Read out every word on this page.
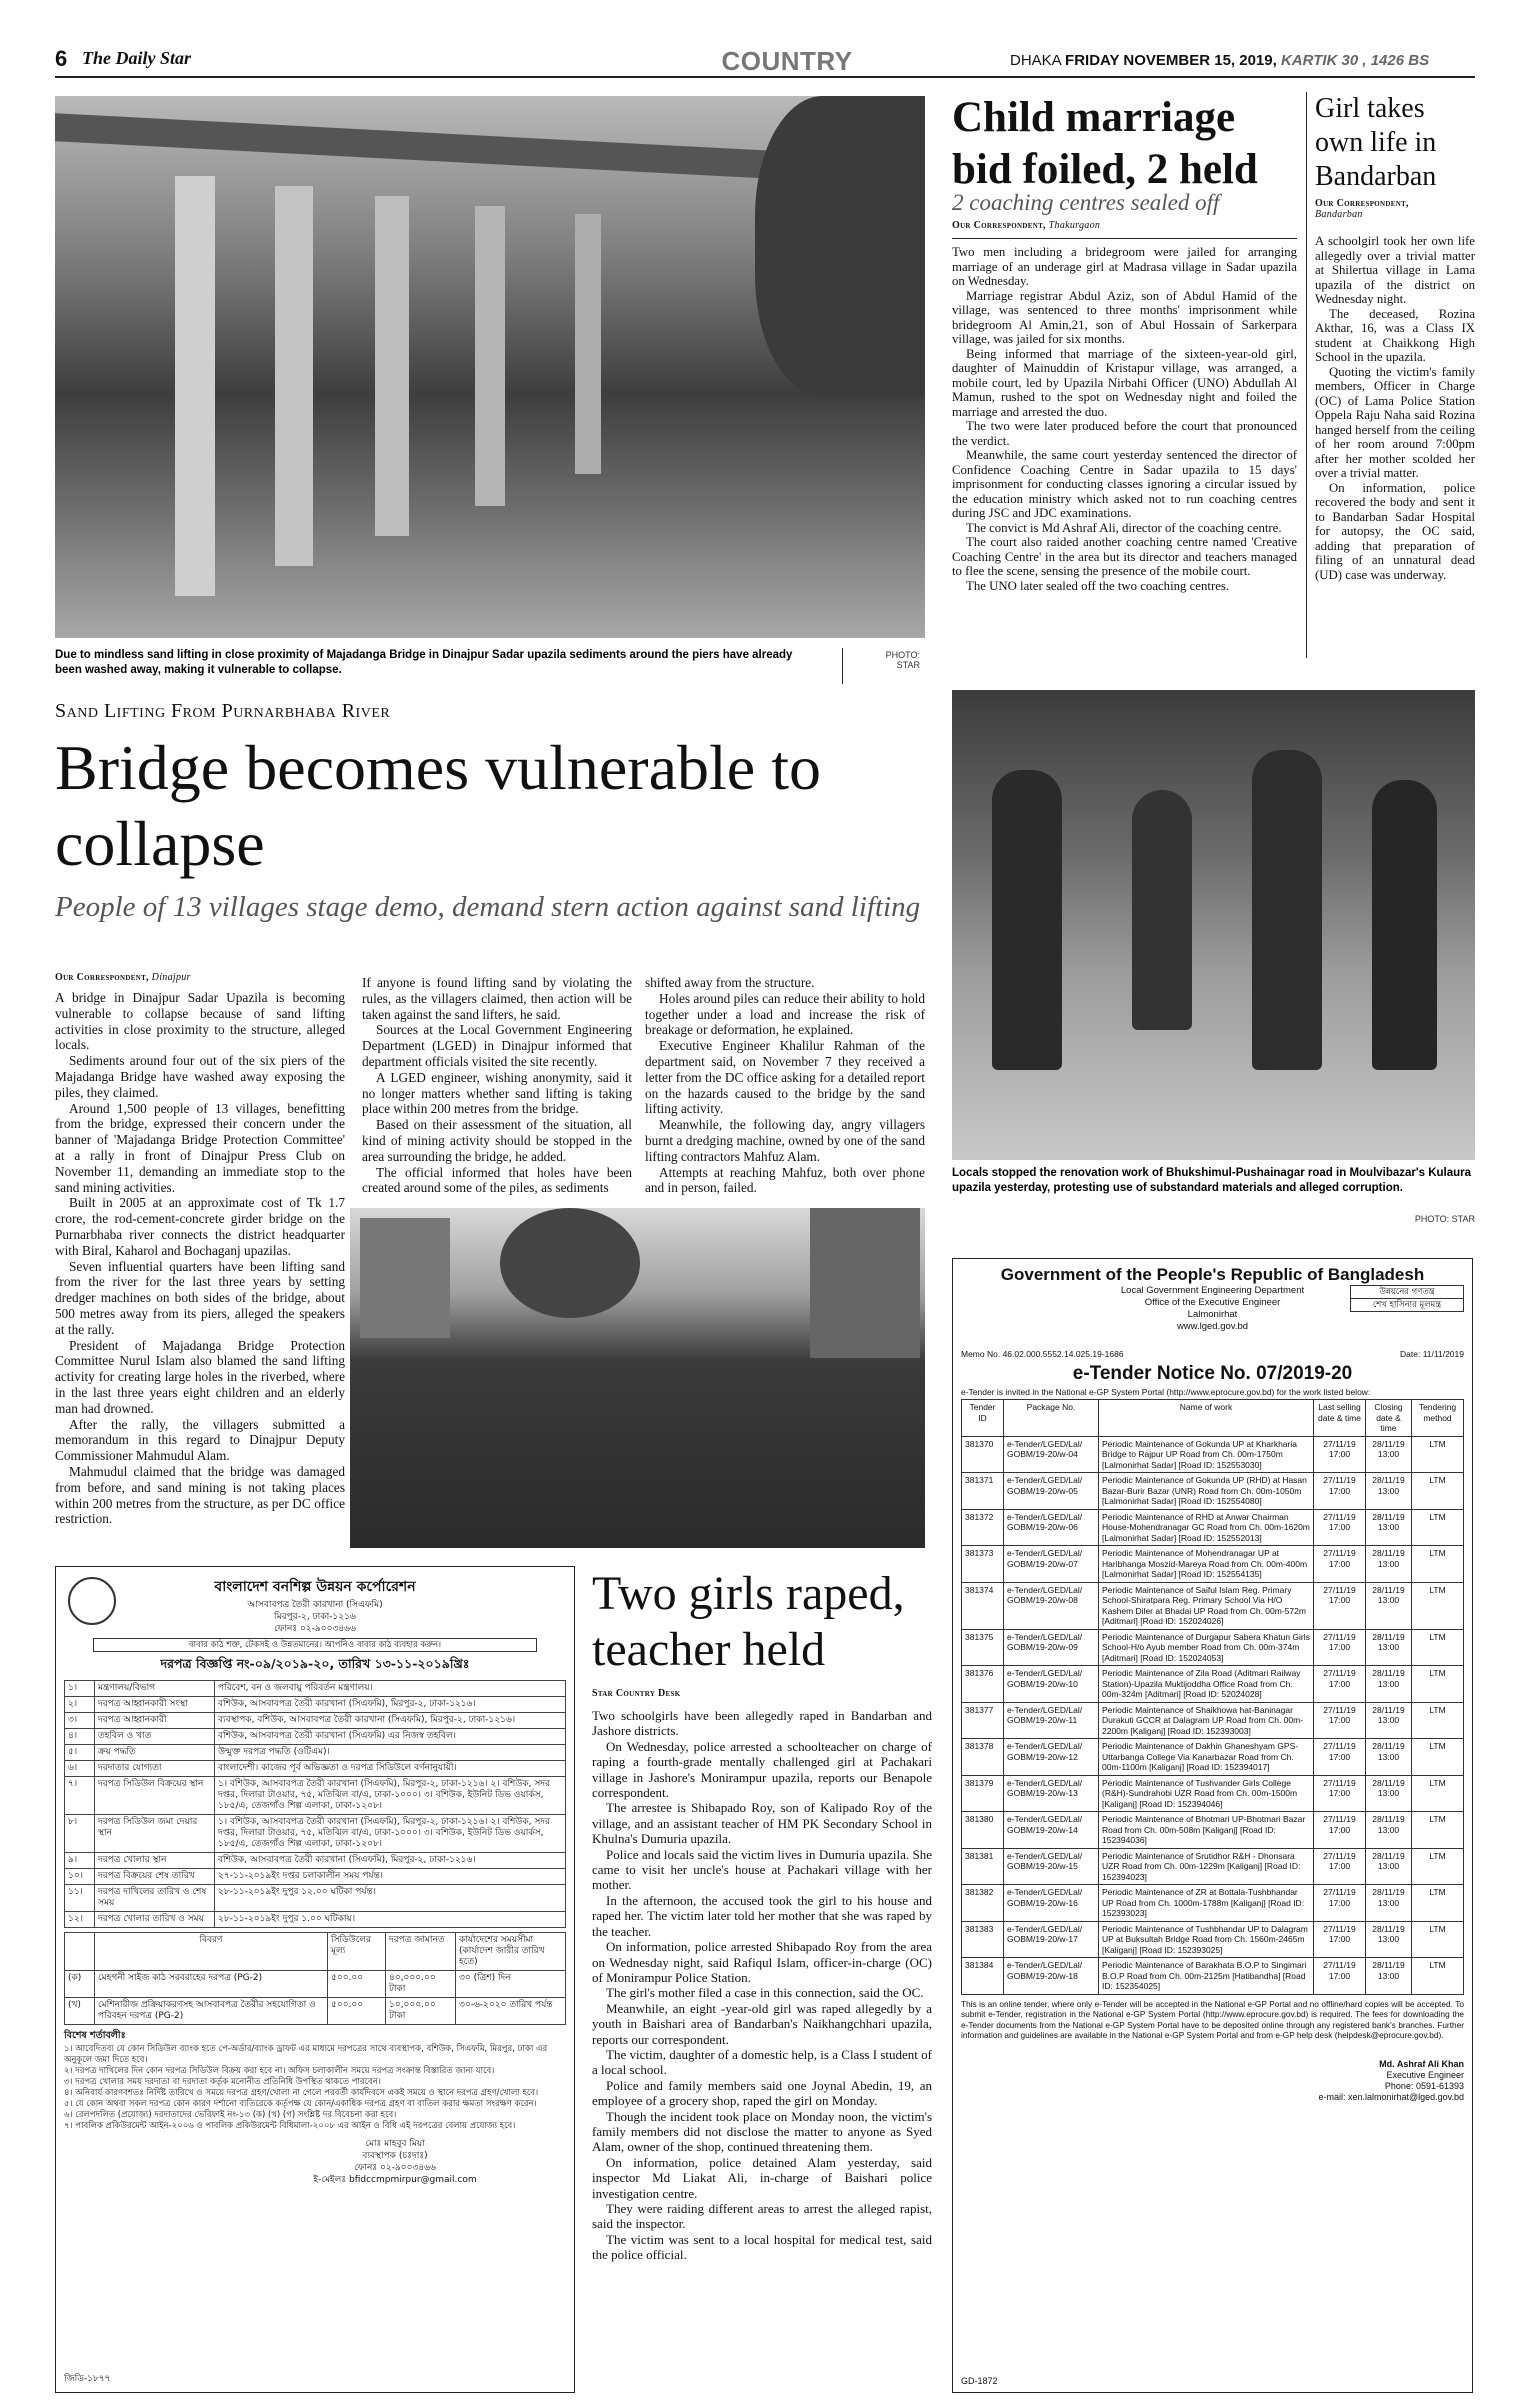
6 The Daily Star	COUNTRY	DHAKA FRIDAY NOVEMBER 15, 2019, KARTIK 30 , 1426 BS
Due to mindless sand lifting in close proximity of Majadanga Bridge in Dinajpur Sadar upazila sediments around the piers have already been washed away, making it vulnerable to collapse.
PHOTO: STAR
Sand Lifting From Purnarbhaba River
Bridge becomes vulnerable to collapse
People of 13 villages stage demo, demand stern action against sand lifting
Our Correspondent, Dinajpur

A bridge in Dinajpur Sadar Upazila is becoming vulnerable to collapse because of sand lifting activities in close proximity to the structure, alleged locals.

Sediments around four out of the six piers of the Majadanga Bridge have washed away exposing the piles, they claimed.

Around 1,500 people of 13 villages, benefitting from the bridge, expressed their concern under the banner of 'Majadanga Bridge Protection Committee' at a rally in front of Dinajpur Press Club on November 11, demanding an immediate stop to the sand mining activities.

Built in 2005 at an approximate cost of Tk 1.7 crore, the rod-cement-concrete girder bridge on the Purnarbhaba river connects the district headquarter with Biral, Kaharol and Bochaganj upazilas.

Seven influential quarters have been lifting sand from the river for the last three years by setting dredger machines on both sides of the bridge, about 500 metres away from its piers, alleged the speakers at the rally.

President of Majadanga Bridge Protection Committee Nurul Islam also blamed the sand lifting activity for creating large holes in the riverbed, where in the last three years eight children and an elderly man had drowned.

After the rally, the villagers submitted a memorandum in this regard to Dinajpur Deputy Commissioner Mahmudul Alam.

Mahmudul claimed that the bridge was damaged from before, and sand mining is not taking places within 200 metres from the structure, as per DC office restriction.

If anyone is found lifting sand by violating the rules, as the villagers claimed, then action will be taken against the sand lifters, he said.

Sources at the Local Government Engineering Department (LGED) in Dinajpur informed that department officials visited the site recently.

A LGED engineer, wishing anonymity, said it no longer matters whether sand lifting is taking place within 200 metres from the bridge.

Based on their assessment of the situation, all kind of mining activity should be stopped in the area surrounding the bridge, he added.

The official informed that holes have been created around some of the piles, as sediments

shifted away from the structure.

Holes around piles can reduce their ability to hold together under a load and increase the risk of breakage or deformation, he explained.

Executive Engineer Khalilur Rahman of the department said, on November 7 they received a letter from the DC office asking for a detailed report on the hazards caused to the bridge by the sand lifting activity.

Meanwhile, the following day, angry villagers burnt a dredging machine, owned by one of the sand lifting contractors Mahfuz Alam.

Attempts at reaching Mahfuz, both over phone and in person, failed.

Child marriage bid foiled, 2 held
2 coaching centres sealed off
Our Correspondent, Thakurgaon

Two men including a bridegroom were jailed for arranging marriage of an underage girl at Madrasa village in Sadar upazila on Wednesday.

Marriage registrar Abdul Aziz, son of Abdul Hamid of the village, was sentenced to three months' imprisonment while bridegroom Al Amin,21, son of Abul Hossain of Sarkerpara village, was jailed for six months.

Being informed that marriage of the sixteen-year-old girl, daughter of Mainuddin of Kristapur village, was arranged, a mobile court, led by Upazila Nirbahi Officer (UNO) Abdullah Al Mamun, rushed to the spot on Wednesday night and foiled the marriage and arrested the duo.

The two were later produced before the court that pronounced the verdict.

Meanwhile, the same court yesterday sentenced the director of Confidence Coaching Centre in Sadar upazila to 15 days' imprisonment for conducting classes ignoring a circular issued by the education ministry which asked not to run coaching centres during JSC and JDC examinations.

The convict is Md Ashraf Ali, director of the coaching centre.

The court also raided another coaching centre named 'Creative Coaching Centre' in the area but its director and teachers managed to flee the scene, sensing the presence of the mobile court.

The UNO later sealed off the two coaching centres.

Girl takes own life in Bandarban
Our Correspondent,
Bandarban

A schoolgirl took her own life allegedly over a trivial matter at Shilertua village in Lama upazila of the district on Wednesday night.

The deceased, Rozina Akthar, 16, was a Class IX student at Chaikkong High School in the upazila.

Quoting the victim's family members, Officer in Charge (OC) of Lama Police Station Oppela Raju Naha said Rozina hanged herself from the ceiling of her room around 7:00pm after her mother scolded her over a trivial matter.

On information, police recovered the body and sent it to Bandarban Sadar Hospital for autopsy, the OC said, adding that preparation of filing of an unnatural dead (UD) case was underway.

Locals stopped the renovation work of Bhukshimul-Pushainagar road in Moulvibazar's Kulaura upazila yesterday, protesting use of substandard materials and alleged corruption.
PHOTO: STAR
Government of the People's Republic of Bangladesh
Local Government Engineering Department
Office of the Executive Engineer
Lalmonirhat
www.lged.gov.bd
উন্নয়নের গণতন্ত্র
শেখ হাসিনার মূলমন্ত্র
Memo No. 46.02.000.5552.14.025.19-1686	Date: 11/11/2019
e-Tender Notice No. 07/2019-20
e-Tender is invited in the National e-GP System Portal (http://www.eprocure.gov.bd) for the work listed below:
Tender ID	Package No.	Name of work	Last selling date & time	Closing date & time	Tendering method
381370	e-Tender/LGED/Lal/ GOBM/19-20/w-04	Periodic Maintenance of Gokunda UP at Kharkharia Bridge to Rajpur UP Road from Ch. 00m-1750m [Lalmonirhat Sadar] [Road ID: 152553030]	27/11/19 17:00	28/11/19 13:00	LTM
381371	e-Tender/LGED/Lal/ GOBM/19-20/w-05	Periodic Maintenance of Gokunda UP (RHD) at Hasan Bazar-Burir Bazar (UNR) Road from Ch. 00m-1050m [Lalmonirhat Sadar] [Road ID: 152554080]	27/11/19 17:00	28/11/19 13:00	LTM
381372	e-Tender/LGED/Lal/ GOBM/19-20/w-06	Periodic Maintenance of RHD at Anwar Chairman House-Mohendranagar GC Road from Ch. 00m-1620m [Lalmonirhat Sadar] [Road ID: 152552013]	27/11/19 17:00	28/11/19 13:00	LTM
381373	e-Tender/LGED/Lal/ GOBM/19-20/w-07	Periodic Maintenance of Mohendranagar UP at Haribhanga Moszid-Mareya Road from Ch. 00m-400m [Lalmonirhat Sadar] [Road ID: 152554135]	27/11/19 17:00	28/11/19 13:00	LTM
381374	e-Tender/LGED/Lal/ GOBM/19-20/w-08	Periodic Maintenance of Saiful Islam Reg. Primary School-Shiratpara Reg. Primary School Via H/O Kashem Diler at Bhadai UP Road from Ch. 00m-572m [Aditmari] [Road ID: 152024026]	27/11/19 17:00	28/11/19 13:00	LTM
381375	e-Tender/LGED/Lal/ GOBM/19-20/w-09	Periodic Maintenance of Durgapur Sabera Khatun Girls School-H/o Ayub member Road from Ch. 00m-374m [Aditmari] [Road ID: 152024053]	27/11/19 17:00	28/11/19 13:00	LTM
381376	e-Tender/LGED/Lal/ GOBM/19-20/w-10	Periodic Maintenance of Zila Road (Aditmari Railway Station)-Upazila Muktijoddha Office Road from Ch. 00m-324m [Aditmari] [Road ID: 52024028]	27/11/19 17:00	28/11/19 13:00	LTM
381377	e-Tender/LGED/Lal/ GOBM/19-20/w-11	Periodic Maintenance of Shaikhowa hat-Baninagar Durakuti GCCR at Dalagram UP Road from Ch. 00m-2200m [Kaliganj] [Road ID: 152393003]	27/11/19 17:00	28/11/19 13:00	LTM
381378	e-Tender/LGED/Lal/ GOBM/19-20/w-12	Periodic Maintenance of Dakhin Ghaneshyam GPS-Uttarbanga College Via Kanarbazar Road from Ch. 00m-1100m [Kaliganj] [Road ID: 152394017]	27/11/19 17:00	28/11/19 13:00	LTM
381379	e-Tender/LGED/Lal/ GOBM/19-20/w-13	Periodic Maintenance of Tushvander Girls College (R&H)-Sundrahobi UZR Road from Ch. 00m-1500m [Kaliganj] [Road ID: 152394046]	27/11/19 17:00	28/11/19 13:00	LTM
381380	e-Tender/LGED/Lal/ GOBM/19-20/w-14	Periodic Maintenance of Bhotmari UP-Bhotmari Bazar Road from Ch. 00m-508m [Kaliganj] [Road ID: 152394036]	27/11/19 17:00	28/11/19 13:00	LTM
381381	e-Tender/LGED/Lal/ GOBM/19-20/w-15	Periodic Maintenance of Srutidhor R&H - Dhonsara UZR Road from Ch. 00m-1229m [Kaliganj] [Road ID: 152394023]	27/11/19 17:00	28/11/19 13:00	LTM
381382	e-Tender/LGED/Lal/ GOBM/19-20/w-16	Periodic Maintenance of ZR at Bottala-Tushbhandar UP Road from Ch. 1000m-1788m [Kaliganj] [Road ID: 152393023]	27/11/19 17:00	28/11/19 13:00	LTM
381383	e-Tender/LGED/Lal/ GOBM/19-20/w-17	Periodic Maintenance of Tushbhandar UP to Dalagram UP at Buksultah Bridge Road from Ch. 1560m-2465m [Kaliganj] [Road ID: 152393025]	27/11/19 17:00	28/11/19 13:00	LTM
381384	e-Tender/LGED/Lal/ GOBM/19-20/w-18	Periodic Maintenance of Barakhata B.O.P to Singimari B.O.P Road from Ch. 00m-2125m [Hatibandha] [Road ID: 152354025]	27/11/19 17:00	28/11/19 13:00	LTM
This is an online tender, where only e-Tender will be accepted in the National e-GP Portal and no offline/hard copies will be accepted. To submit e-Tender, registration in the National e-GP System Portal (http://www.eprocure.gov.bd) is required. The fees for downloading the e-Tender documents from the National e-GP System Portal have to be deposited online through any registered bank's branches. Further information and guidelines are available in the National e-GP System Portal and from e-GP help desk (helpdesk@eprocure.gov.bd).
Md. Ashraf Ali Khan
Executive Engineer
Phone: 0591-61393
e-mail: xen.lalmonirhat@lged.gov.bd
GD-1872
Two girls raped, teacher held
Star Country Desk

Two schoolgirls have been allegedly raped in Bandarban and Jashore districts.

On Wednesday, police arrested a schoolteacher on charge of raping a fourth-grade mentally challenged girl at Pachakari village in Jashore's Monirampur upazila, reports our Benapole correspondent.

The arrestee is Shibapado Roy, son of Kalipado Roy of the village, and an assistant teacher of HM PK Secondary School in Khulna's Dumuria upazila.

Police and locals said the victim lives in Dumuria upazila. She came to visit her uncle's house at Pachakari village with her mother.

In the afternoon, the accused took the girl to his house and raped her. The victim later told her mother that she was raped by the teacher.

On information, police arrested Shibapado Roy from the area on Wednesday night, said Rafiqul Islam, officer-in-charge (OC) of Monirampur Police Station.

The girl's mother filed a case in this connection, said the OC.

Meanwhile, an eight -year-old girl was raped allegedly by a youth in Baishari area of Bandarban's Naikhangchhari upazila, reports our correspondent.

The victim, daughter of a domestic help, is a Class I student of a local school.

Police and family members said one Joynal Abedin, 19, an employee of a grocery shop, raped the girl on Monday.

Though the incident took place on Monday noon, the victim's family members did not disclose the matter to anyone as Syed Alam, owner of the shop, continued threatening them.

On information, police detained Alam yesterday, said inspector Md Liakat Ali, in-charge of Baishari police investigation centre.

They were raiding different areas to arrest the alleged rapist, said the inspector.

The victim was sent to a local hospital for medical test, said the police official.

বাংলাদেশ বনশিল্প উন্নয়ন কর্পোরেশন
আসবাবপত্র তৈরী কারখানা (সিএফমি)
মিরপুর-২, ঢাকা-১২১৬
ফোনঃ ০২-৯০০৩৪৬৬
বাবার কাঠ শক্ত, টেকসই ও উন্নতমানের। আপনিও বাবার কাঠ ব্যবহার করুন।
দরপত্র বিজ্ঞপ্তি নং-০৯/২০১৯-২০, তারিখ ১৩-১১-২০১৯খ্রিঃ
১।	মন্ত্রণালয়/বিভাগ	পরিবেশ, বন ও জলবায়ু পরিবর্তন মন্ত্রণালয়।
২।	দরপত্র আহ্বানকারী সংস্থা	বশিউক, আসবাবপত্র তৈরী কারখানা (সিএফমি), মিরপুর-২, ঢাকা-১২১৬।
৩।	দরপত্র আহ্বানকারী	ব্যবস্থাপক, বশিউক, আসবাবপত্র তৈরী কারখানা (সিএফমি), মিরপুর-২, ঢাকা-১২১৬।
৪।	তহবিল ও খাত	বশিউক, আসবাবপত্র তৈরী কারখানা (সিএফমি) এর নিজস্ব তহবিল।
৫।	ক্রয় পদ্ধতি	উন্মুক্ত দরপত্র পদ্ধতি (ওটিএম)।
৬।	দরদাতার যোগ্যতা	বাংলাদেশী। কাজের পূর্ব অভিজ্ঞতা ও দরপত্র সিডিউলে বর্ণনানুযায়ী।
৭।	দরপত্র সিডিউল বিক্রয়ের স্থান	১। বশিউক, আসবাবপত্র তৈরী কারখানা (সিএফমি), মিরপুর-২, ঢাকা-১২১৬। ২। বশিউক, সদর দপ্তর, দিলারা টাওয়ার, ৭৫, মতিঝিল বা/এ, ঢাকা-১০০০। ৩। বশিউক, ইউনিট ডিভ ওয়ার্কস, ১৮৫/এ, তেজগাঁও শিল্প এলাকা, ঢাকা-১২০৮।
৮।	দরপত্র সিডিউল জমা দেয়ার স্থান	১। বশিউক, আসবাবপত্র তৈরী কারখানা (সিএফমি), মিরপুর-২, ঢাকা-১২১৬। ২। বশিউক, সদর দপ্তর, দিলারা টাওয়ার, ৭৫, মতিঝিল বা/এ, ঢাকা-১০০০। ৩। বশিউক, ইউনিট ডিভ ওয়ার্কস, ১৮৫/এ, তেজগাঁও শিল্প এলাকা, ঢাকা-১২০৮।
৯।	দরপত্র খোলার স্থান	বশিউক, আসবাবপত্র তৈরী কারখানা (সিএফমি), মিরপুর-২, ঢাকা-১২১৬।
১০।	দরপত্র বিক্রয়ের শেষ তারিখ	২৭-১১-২০১৯ইং দপ্তর চলাকালীন সময় পর্যন্ত।
১১।	দরপত্র দাখিলের তারিখ ও শেষ সময়	২৮-১১-২০১৯ইং দুপুর ১২.০০ ঘটিকা পর্যন্ত।
১২।	দরপত্র খোলার তারিখ ও সময়	২৮-১১-২০১৯ইং দুপুর ১.০০ ঘটিকায়।
	বিবরণ	সিডিউলের মূল্য	দরপত্র জামানত	কার্যাদেশের সময়সীমা (কার্যাদেশ জারীর তারিখ হতে)
(ক)	মেহগনী সাইজ কাঠ সরবরাহের দরপত্র (PG-2)	৫০০.০০	৪০,০০০.০০ টাকা	৩০ (ত্রিশ) দিন
(খ)	মেশিনারীজ প্রক্রিয়াকরণসহ আসবাবপত্র তৈরীর সহযোগিতা ও পরিবহন দরপত্র (PG-2)	৫০০.০০	১০,০০০.০০ টাকা	৩০-৬-২০২০ তারিখ পর্যন্ত
বিশেষ শর্তাবলীঃ
১। আবেদিতব্য যে কোন সিডিউল ব্যাংক হতে পে-অর্ডার/ব্যাংক ড্রাফট এর মাধ্যমে দরপত্রের সাথে ব্যবস্থাপক, বশিউক, সিএফমি, মিরপুর, ঢাকা এর অনুকূলে জমা দিতে হবে।
২। দরপত্র দাখিলের দিন কোন দরপত্র সিডিউল বিক্রয় করা হবে না। অফিস চলাকালীন সময়ে দরপত্র সংক্রান্ত বিস্তারিত জানা যাবে।
৩। দরপত্র খোলার সময় দরদাতা বা দরদাতা কর্তৃক মনোনীত প্রতিনিধি উপস্থিত থাকতে পারবেন।
৪। অনিবার্য কারণবশতঃ নির্দিষ্ট তারিখে ও সময়ে দরপত্র গ্রহণ/খোলা না গেলে পরবর্তী কার্যদিবসে একই সময়ে ও স্থানে দরপত্র গ্রহণ/খোলা হবে।
৫। যে কোন অথবা সকল দরপত্র কোন কারণ দর্শানো ব্যতিরেকে কর্তৃপক্ষ যে কোন/একাধিক দরপত্র গ্রহণ বা বাতিল করার ক্ষমতা সংরক্ষণ করেন।
৬। রেলপদলিত (প্রযোজ্য) দরদাতাদের ভেরিফাই নং-১৩ (ক) (খ) (গ) সংশ্লিষ্ট দর বিবেচনা করা হবে।
৭। পাবলিক প্রকিউরমেন্ট আইন-২০০৬ ও পাবলিক প্রকিউরমেন্ট বিধিমালা-২০০৮ এর আইন ও বিধি এই দরপত্রের বেলায় প্রযোজ্য হবে।
মোঃ মাহবুব মিয়া
ব্যবস্থাপক (চঃদাঃ)
ফোনঃ ০২-৯০০৩৪৬৬
ই-মেইলঃ bfidccmpmirpur@gmail.com
জিডি-১৮৭৭
